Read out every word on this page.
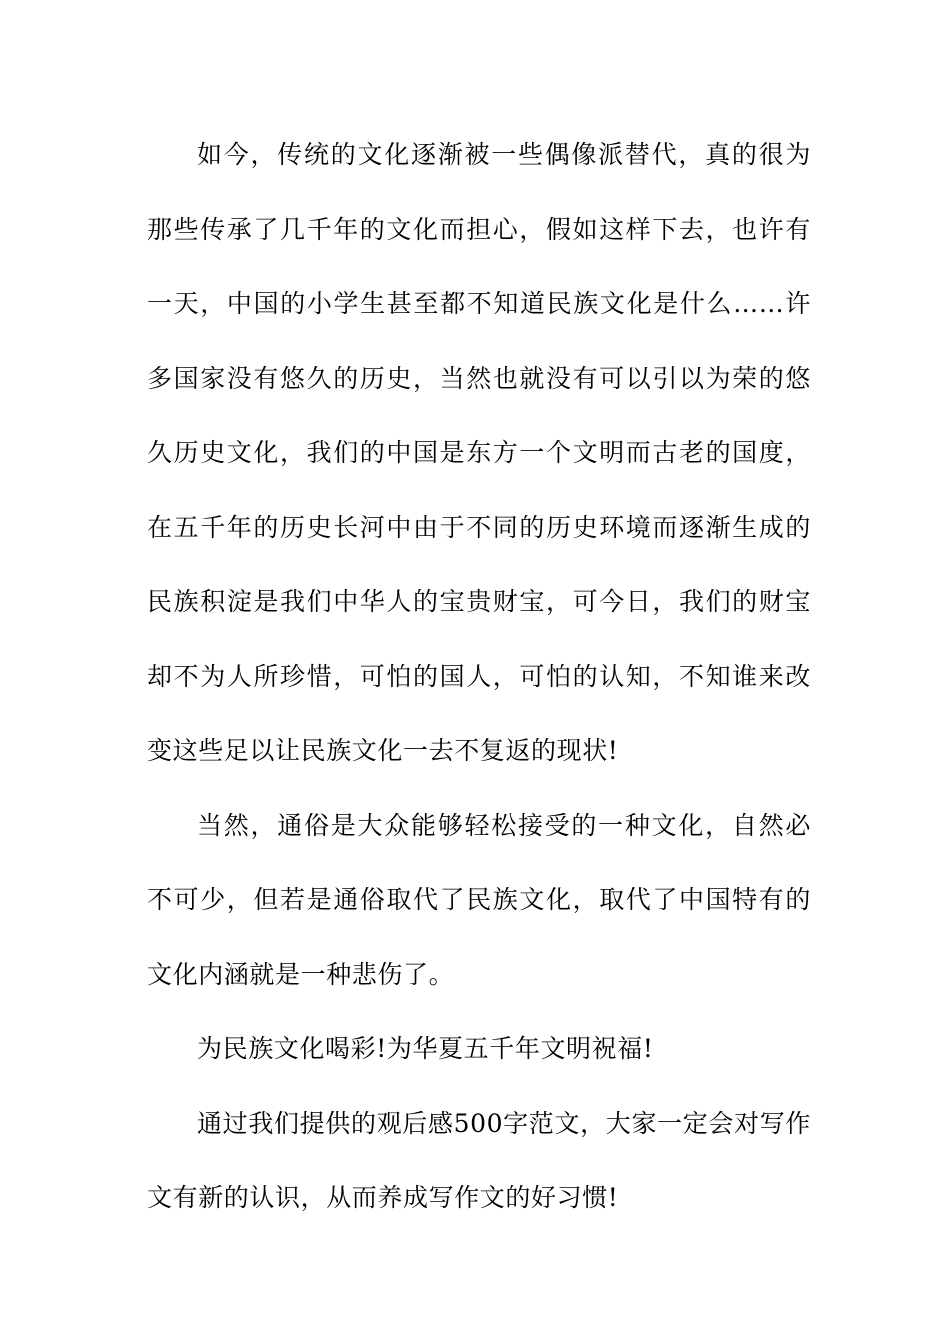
如今，传统的文化逐渐被一些偶像派替代，真的很为那些传承了几千年的文化而担心，假如这样下去，也许有一天，中国的小学生甚至都不知道民族文化是什么……许多国家没有悠久的历史，当然也就没有可以引以为荣的悠久历史文化，我们的中国是东方一个文明而古老的国度，在五千年的历史长河中由于不同的历史环境而逐渐生成的民族积淀是我们中华人的宝贵财宝，可今日，我们的财宝却不为人所珍惜，可怕的国人，可怕的认知，不知谁来改变这些足以让民族文化一去不复返的现状!

当然，通俗是大众能够轻松接受的一种文化，自然必不可少，但若是通俗取代了民族文化，取代了中国特有的文化内涵就是一种悲伤了。

为民族文化喝彩!为华夏五千年文明祝福!

通过我们提供的观后感500字范文，大家一定会对写作文有新的认识，从而养成写作文的好习惯!
